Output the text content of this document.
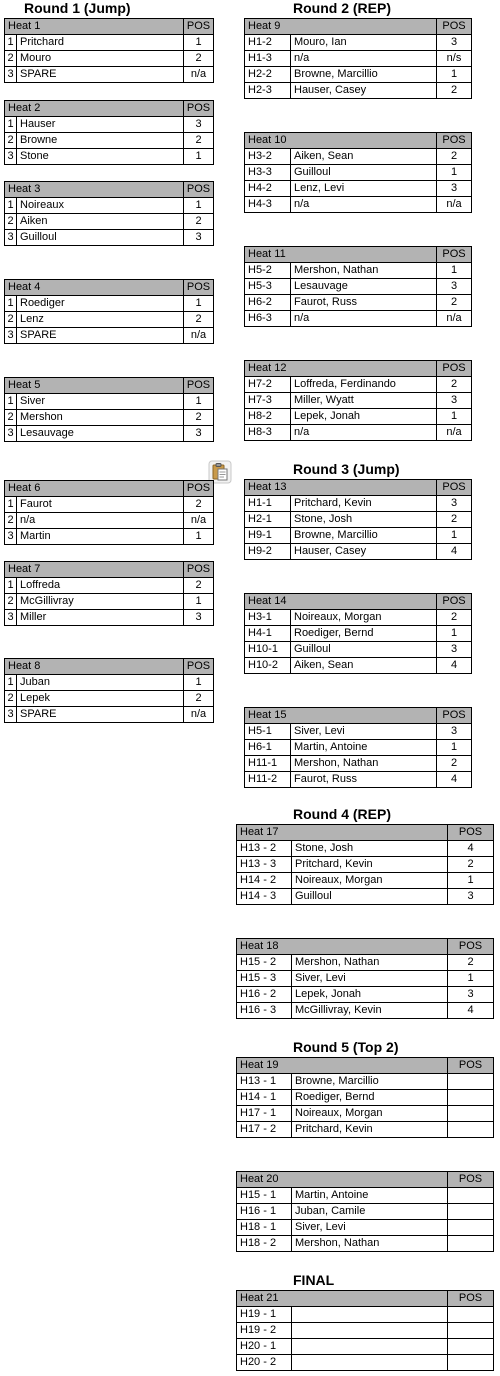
Round 1 (Jump)	Round 2 (REP)
Round 3 (Jump)
Round 4 (REP)
Round 5 (Top 2)
FINAL
Heat 1		POS
1	Pritchard	1
2	Mouro	2
3	SPARE	n/a
Heat 2		POS
1	Hauser	3
2	Browne	2
3	Stone	1
Heat 3		POS
1	Noireaux	1
2	Aiken	2
3	Guilloul	3
Heat 4		POS
1	Roediger	1
2	Lenz	2
3	SPARE	n/a
Heat 5		POS
1	Siver	1
2	Mershon	2
3	Lesauvage	3
Heat 6		POS
1	Faurot	2
2	n/a	n/a
3	Martin	1
Heat 7		POS
1	Loffreda	2
2	McGillivray	1
3	Miller	3
Heat 8		POS
1	Juban	1
2	Lepek	2
3	SPARE	n/a
Heat 9		POS
H1-2	Mouro, Ian	3
H1-3	n/a	n/s
H2-2	Browne, Marcillio	1
H2-3	Hauser, Casey	2
Heat 10		POS
H3-2	Aiken, Sean	2
H3-3	Guilloul	1
H4-2	Lenz, Levi	3
H4-3	n/a	n/a
Heat 11		POS
H5-2	Mershon, Nathan	1
H5-3	Lesauvage	3
H6-2	Faurot, Russ	2
H6-3	n/a	n/a
Heat 12		POS
H7-2	Loffreda, Ferdinando	2
H7-3	Miller, Wyatt	3
H8-2	Lepek, Jonah	1
H8-3	n/a	n/a
Heat 13		POS
H1-1	Pritchard, Kevin	3
H2-1	Stone, Josh	2
H9-1	Browne, Marcillio	1
H9-2	Hauser, Casey	4
Heat 14		POS
H3-1	Noireaux, Morgan	2
H4-1	Roediger, Bernd	1
H10-1	Guilloul	3
H10-2	Aiken, Sean	4
Heat 15		POS
H5-1	Siver, Levi	3
H6-1	Martin, Antoine	1
H11-1	Mershon, Nathan	2
H11-2	Faurot, Russ	4
Heat 17		POS
H13 - 2	Stone, Josh	4
H13 - 3	Pritchard, Kevin	2
H14 - 2	Noireaux, Morgan	1
H14 - 3	Guilloul	3
Heat 18		POS
H15 - 2	Mershon, Nathan	2
H15 - 3	Siver, Levi	1
H16 - 2	Lepek, Jonah	3
H16 - 3	McGillivray, Kevin	4
Heat 19		POS
H13 - 1	Browne, Marcillio	
H14 - 1	Roediger, Bernd	
H17 - 1	Noireaux, Morgan	
H17 - 2	Pritchard, Kevin	
Heat 20		POS
H15 - 1	Martin, Antoine	
H16 - 1	Juban, Camile	
H18 - 1	Siver, Levi	
H18 - 2	Mershon, Nathan	
Heat 21		POS
H19 - 1		
H19 - 2		
H20 - 1		
H20 - 2		
